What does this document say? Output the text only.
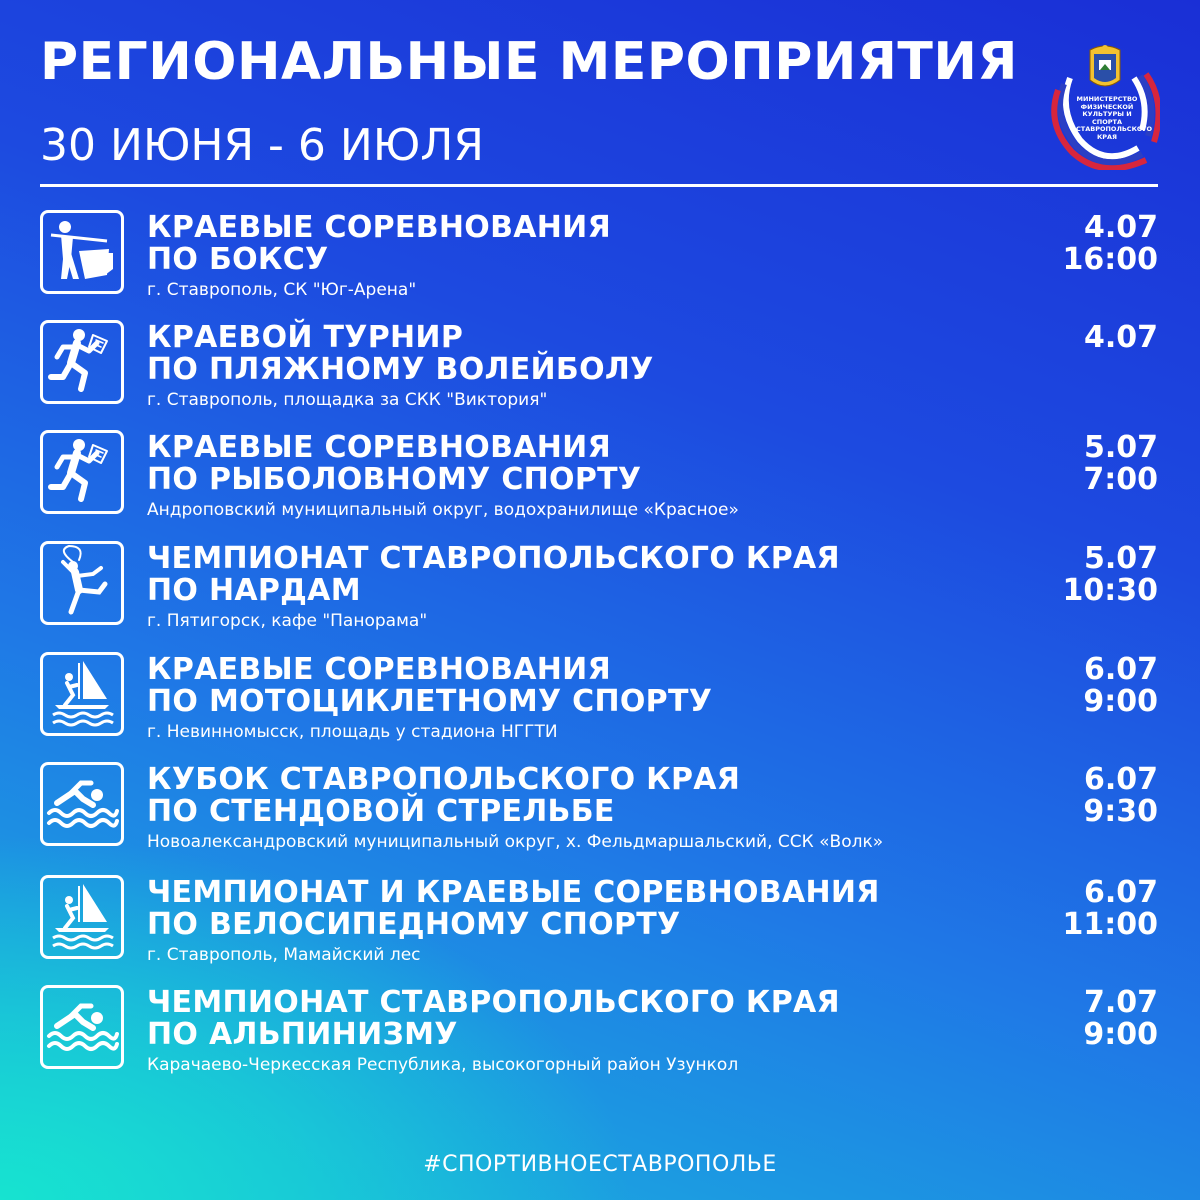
РЕГИОНАЛЬНЫЕ МЕРОПРИЯТИЯ
30 ИЮНЯ - 6 ИЮЛЯ
МИНИСТЕРСТВО
ФИЗИЧЕСКОЙ
КУЛЬТУРЫ И СПОРТА
СТАВРОПОЛЬСКОГО
КРАЯ
КРАЕВЫЕ СОРЕВНОВАНИЯ
ПО БОКСУ
г. Ставрополь, СК "Юг-Арена"
4.07
16:00
КРАЕВОЙ ТУРНИР
ПО ПЛЯЖНОМУ ВОЛЕЙБОЛУ
г. Ставрополь, площадка за СКК "Виктория"
4.07
КРАЕВЫЕ СОРЕВНОВАНИЯ
ПО РЫБОЛОВНОМУ СПОРТУ
Андроповский муниципальный округ, водохранилище «Красное»
5.07
7:00
ЧЕМПИОНАТ СТАВРОПОЛЬСКОГО КРАЯ
ПО НАРДАМ
г. Пятигорск, кафе "Панорама"
5.07
10:30
КРАЕВЫЕ СОРЕВНОВАНИЯ
ПО МОТОЦИКЛЕТНОМУ СПОРТУ
г. Невинномысск, площадь у стадиона НГГТИ
6.07
9:00
КУБОК СТАВРОПОЛЬСКОГО КРАЯ
ПО СТЕНДОВОЙ СТРЕЛЬБЕ
Новоалександровский муниципальный округ, х. Фельдмаршальский, ССК «Волк»
6.07
9:30
ЧЕМПИОНАТ И КРАЕВЫЕ СОРЕВНОВАНИЯ
ПО ВЕЛОСИПЕДНОМУ СПОРТУ
г. Ставрополь, Мамайский лес
6.07
11:00
ЧЕМПИОНАТ СТАВРОПОЛЬСКОГО КРАЯ
ПО АЛЬПИНИЗМУ
Карачаево-Черкесская Республика, высокогорный район Узункол
7.07
9:00
#СПОРТИВНОЕСТАВРОПОЛЬЕ
